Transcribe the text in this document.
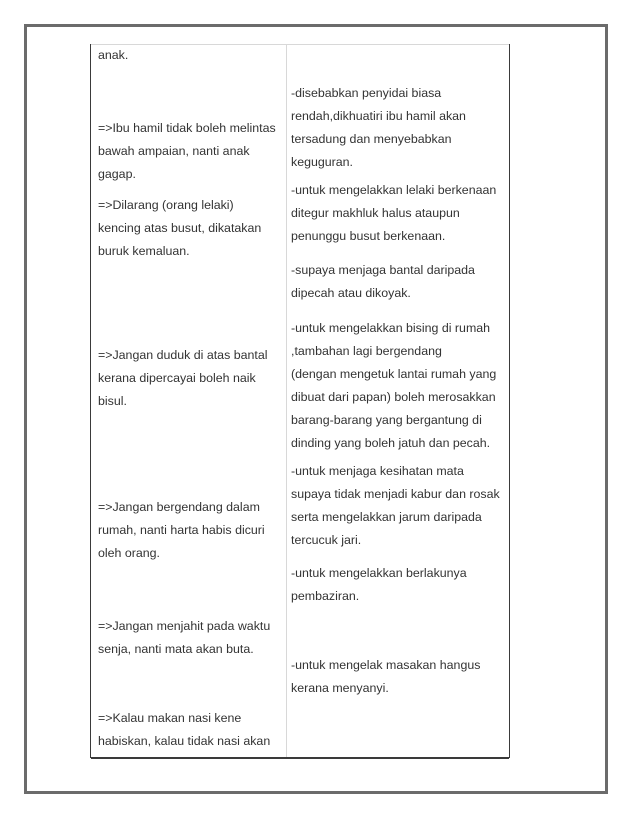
anak.
=>Ibu hamil tidak boleh melintas
bawah ampaian, nanti anak
gagap.
=>Dilarang (orang lelaki)
kencing atas busut, dikatakan
buruk kemaluan.
=>Jangan duduk di atas bantal
kerana dipercayai boleh naik
bisul.
=>Jangan bergendang dalam
rumah, nanti harta habis dicuri
oleh orang.
=>Jangan menjahit pada waktu
senja, nanti mata akan buta.
=>Kalau makan nasi kene
habiskan, kalau tidak nasi akan
-disebabkan penyidai biasa
rendah,dikhuatiri ibu hamil akan
tersadung dan menyebabkan
keguguran.
-untuk mengelakkan lelaki berkenaan
ditegur makhluk halus ataupun
penunggu busut berkenaan.
-supaya menjaga bantal daripada
dipecah atau dikoyak.
-untuk mengelakkan bising di rumah
,tambahan lagi bergendang
(dengan mengetuk lantai rumah yang
dibuat dari papan) boleh merosakkan
barang-barang yang bergantung di
dinding yang boleh jatuh dan pecah.
-untuk menjaga kesihatan mata
supaya tidak menjadi kabur dan rosak
serta mengelakkan jarum daripada
tercucuk jari.
-untuk mengelakkan berlakunya
pembaziran.
-untuk mengelak masakan hangus
kerana menyanyi.
